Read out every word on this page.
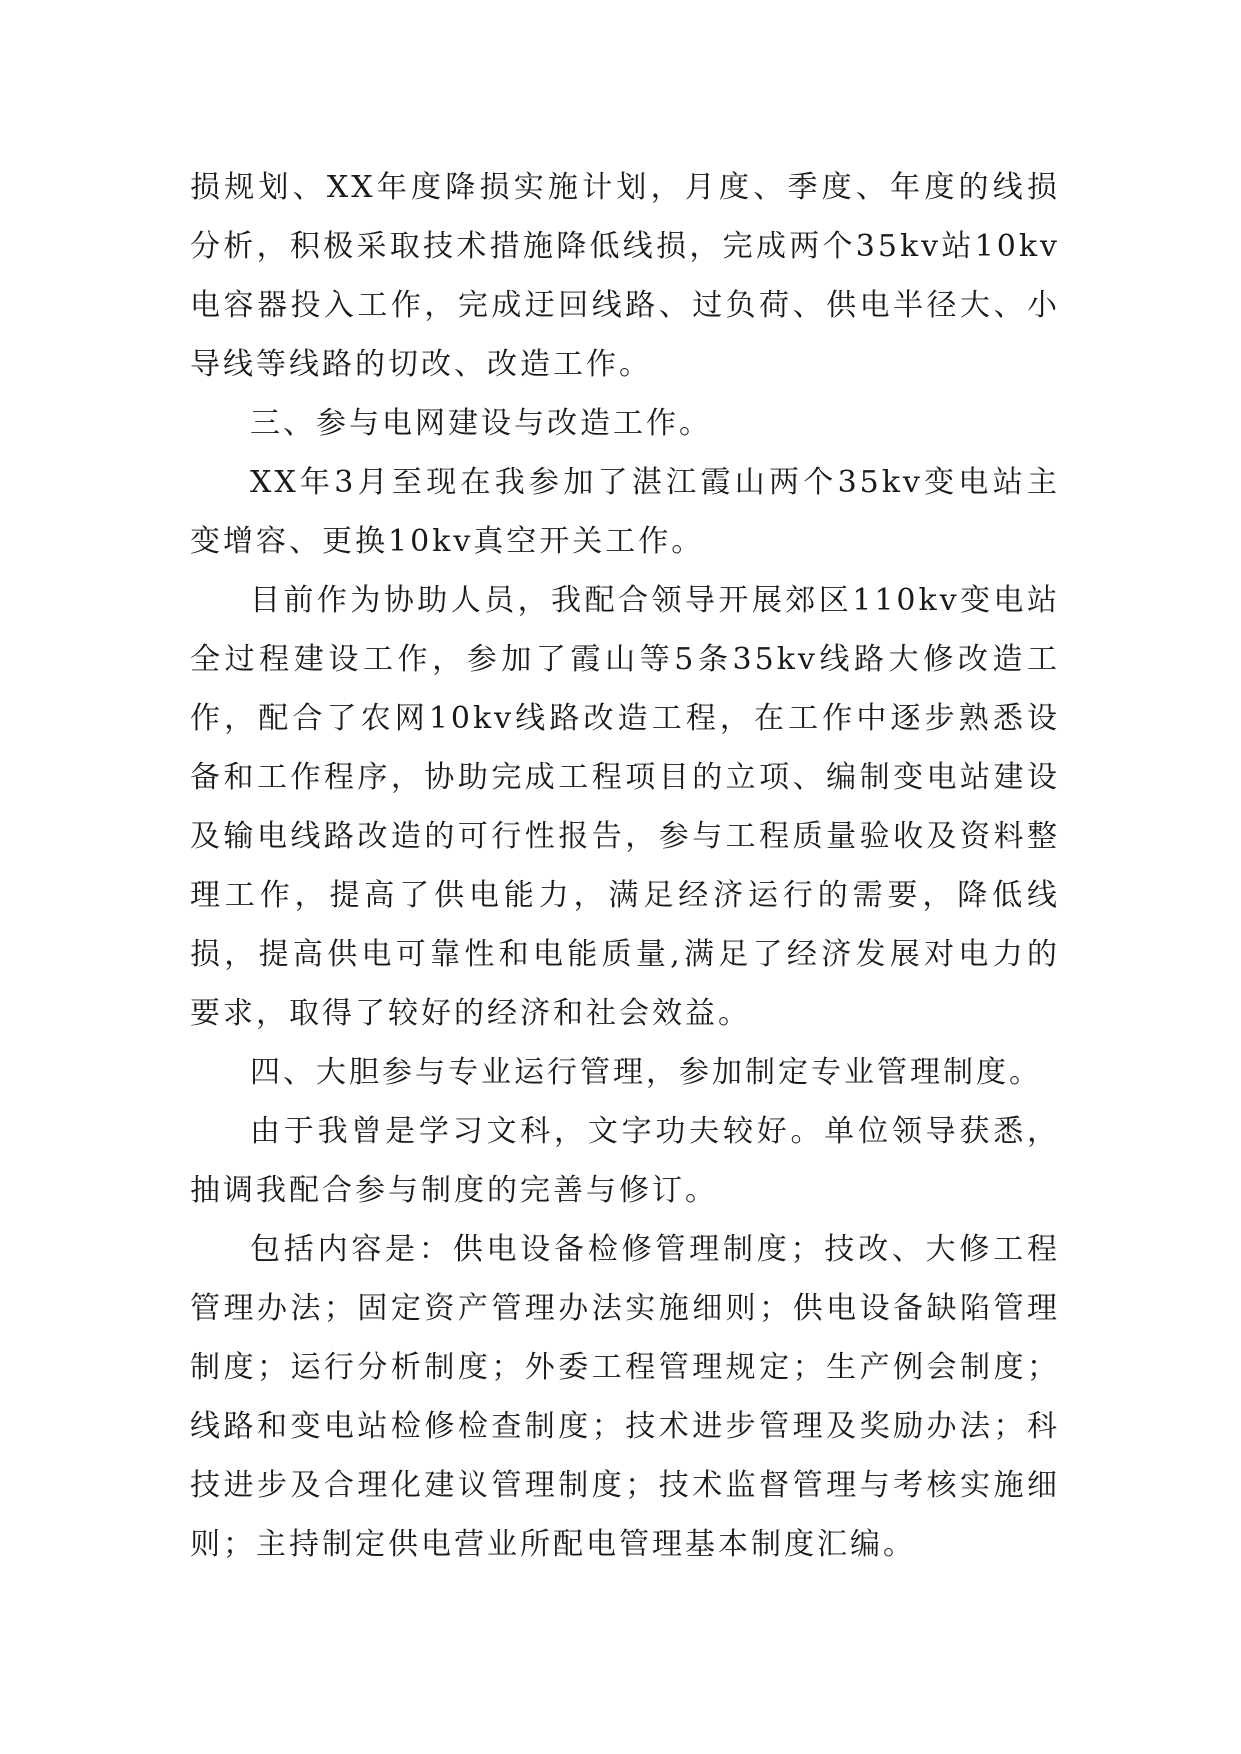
损规划、XX年度降损实施计划，月度、季度、年度的线损分析，积极采取技术措施降低线损，完成两个35kv站10kv电容器投入工作，完成迂回线路、过负荷、供电半径大、小导线等线路的切改、改造工作。

三、参与电网建设与改造工作。

XX年3月至现在我参加了湛江霞山两个35kv变电站主变增容、更换10kv真空开关工作。

目前作为协助人员，我配合领导开展郊区110kv变电站全过程建设工作，参加了霞山等5条35kv线路大修改造工作，配合了农网10kv线路改造工程，在工作中逐步熟悉设备和工作程序，协助完成工程项目的立项、编制变电站建设及输电线路改造的可行性报告，参与工程质量验收及资料整理工作，提高了供电能力，满足经济运行的需要，降低线损，提高供电可靠性和电能质量,满足了经济发展对电力的要求，取得了较好的经济和社会效益。

四、大胆参与专业运行管理，参加制定专业管理制度。

由于我曾是学习文科，文字功夫较好。单位领导获悉，抽调我配合参与制度的完善与修订。

包括内容是：供电设备检修管理制度；技改、大修工程管理办法；固定资产管理办法实施细则；供电设备缺陷管理制度；运行分析制度；外委工程管理规定；生产例会制度；线路和变电站检修检查制度；技术进步管理及奖励办法；科技进步及合理化建议管理制度；技术监督管理与考核实施细则；主持制定供电营业所配电管理基本制度汇编。
